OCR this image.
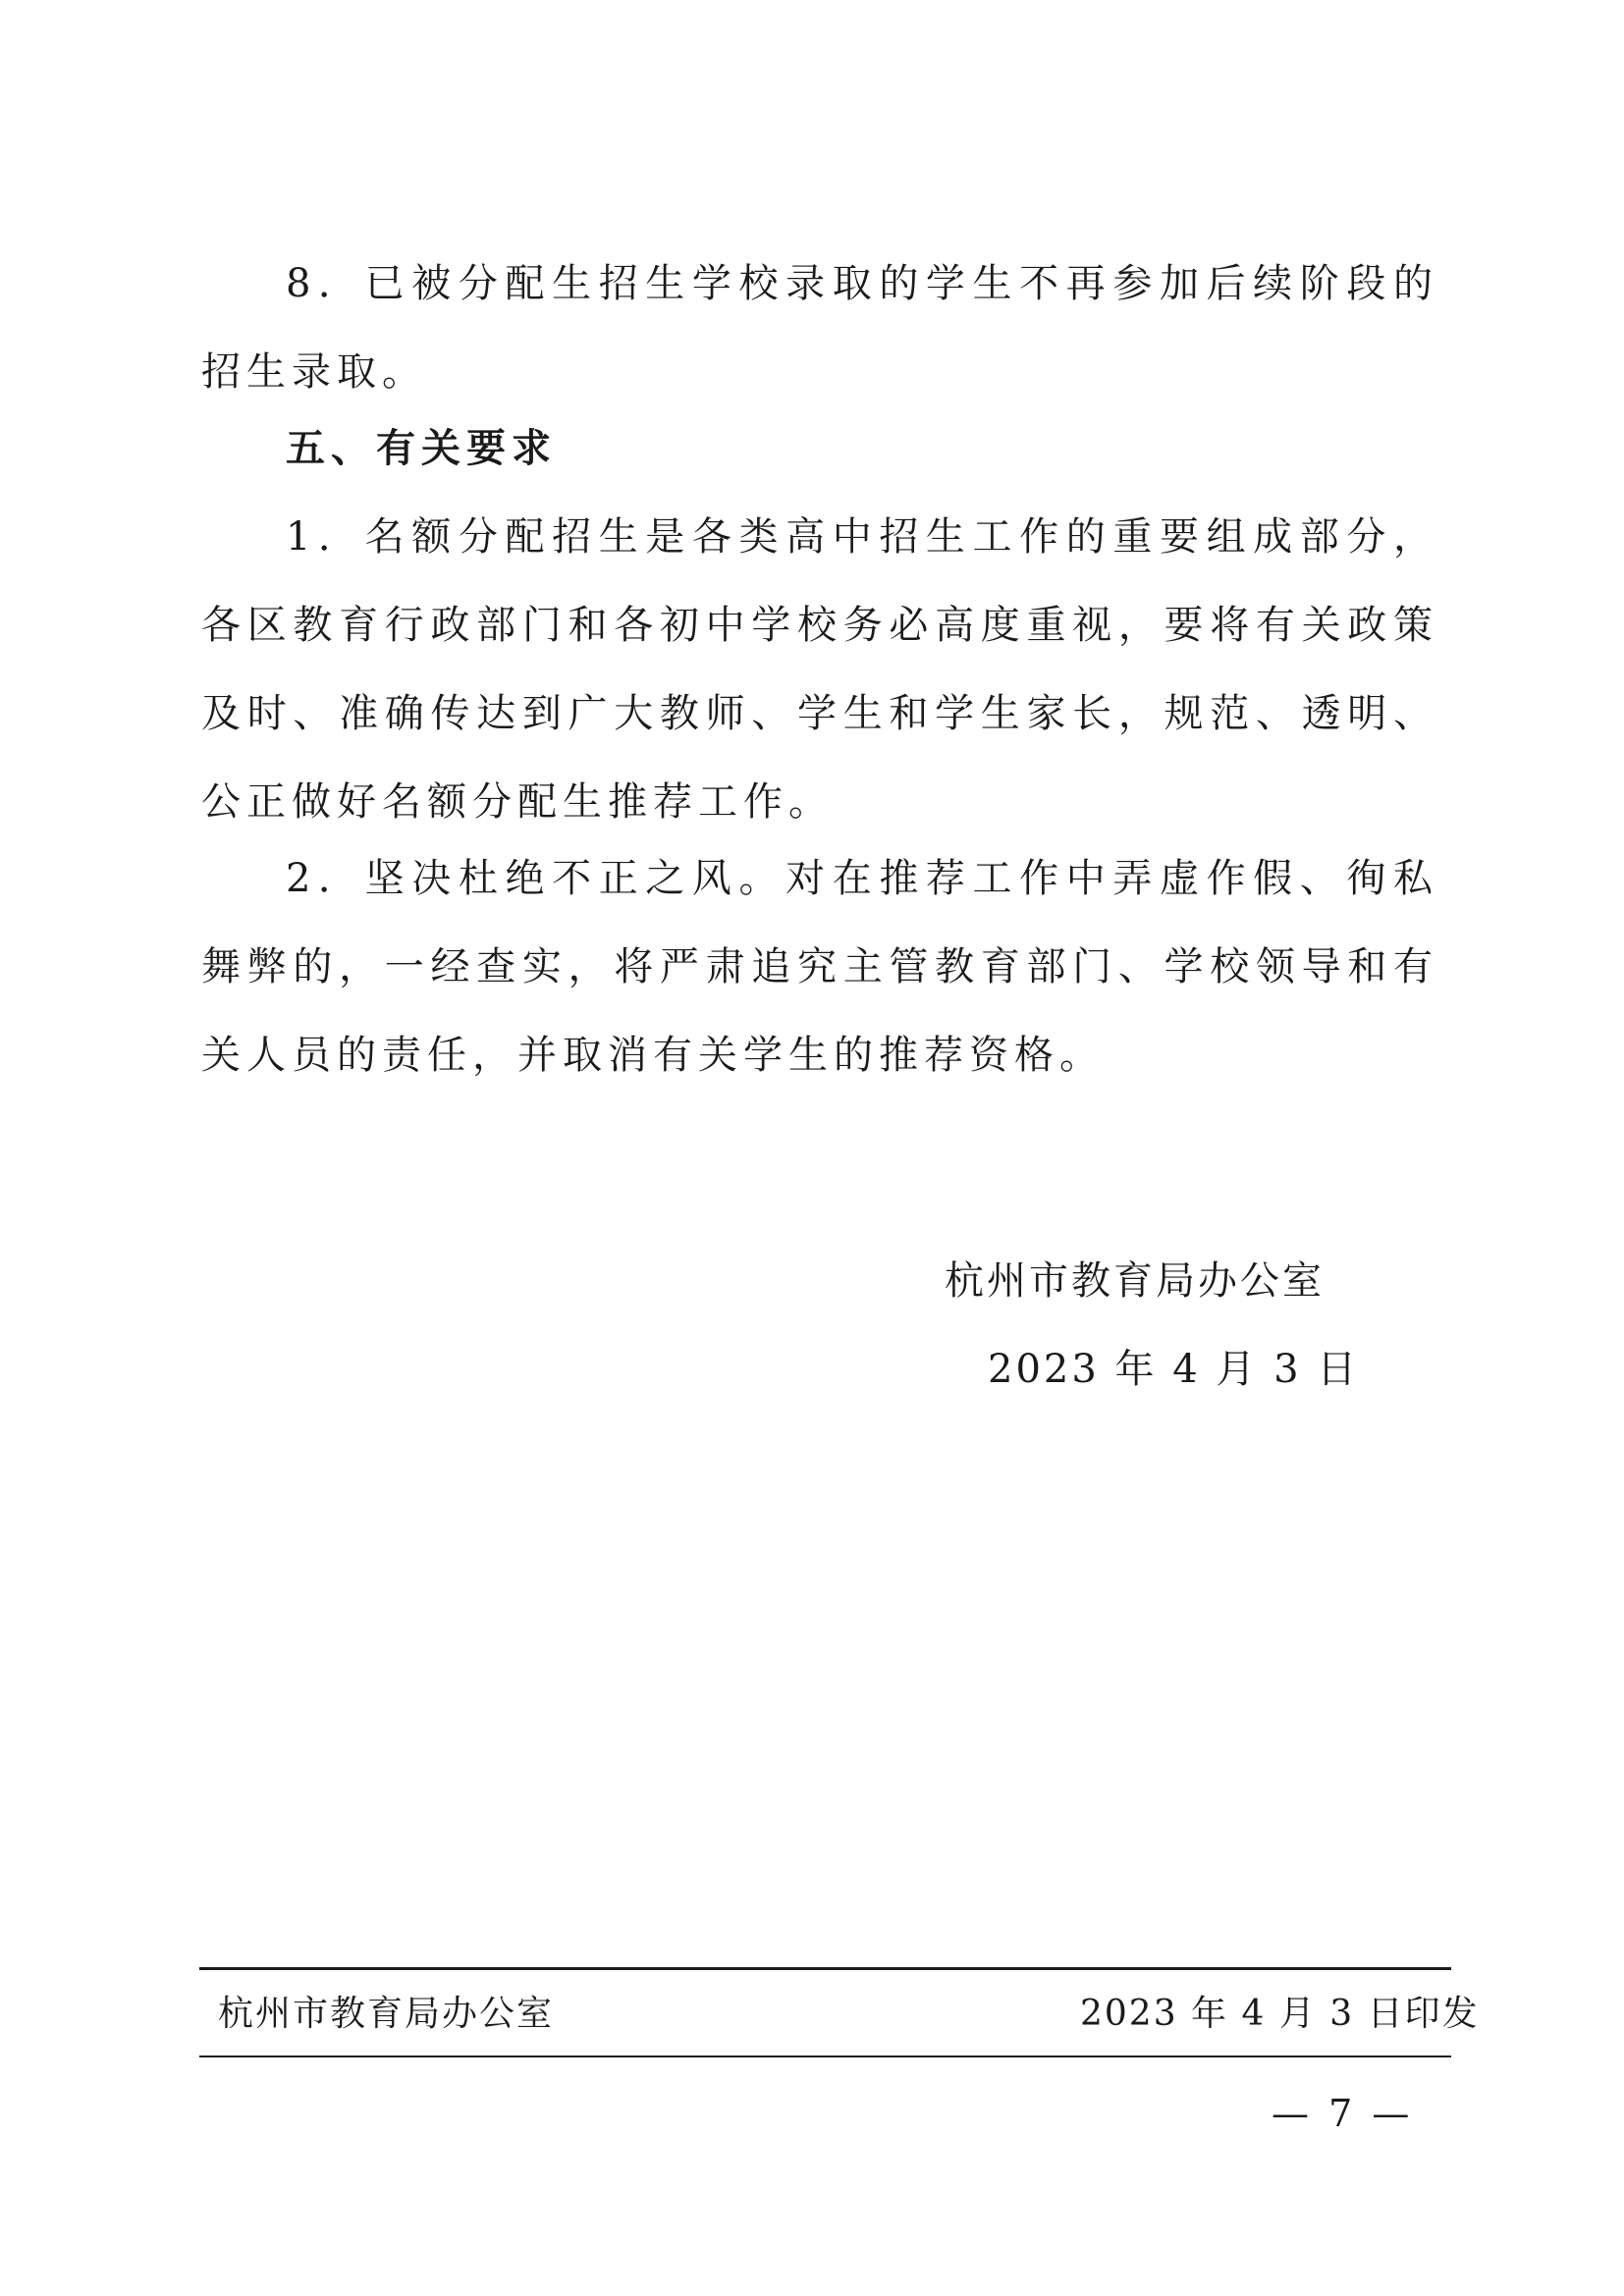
8．已被分配生招生学校录取的学生不再参加后续阶段的招生录取。

五、有关要求

1．名额分配招生是各类高中招生工作的重要组成部分，各区教育行政部门和各初中学校务必高度重视，要将有关政策及时、准确传达到广大教师、学生和学生家长，规范、透明、公正做好名额分配生推荐工作。

2．坚决杜绝不正之风。对在推荐工作中弄虚作假、徇私舞弊的，一经查实，将严肃追究主管教育部门、学校领导和有关人员的责任，并取消有关学生的推荐资格。

杭州市教育局办公室
2023 年 4 月 3 日
杭州市教育局办公室	2023 年 4 月 3 日印发
— 7 —
